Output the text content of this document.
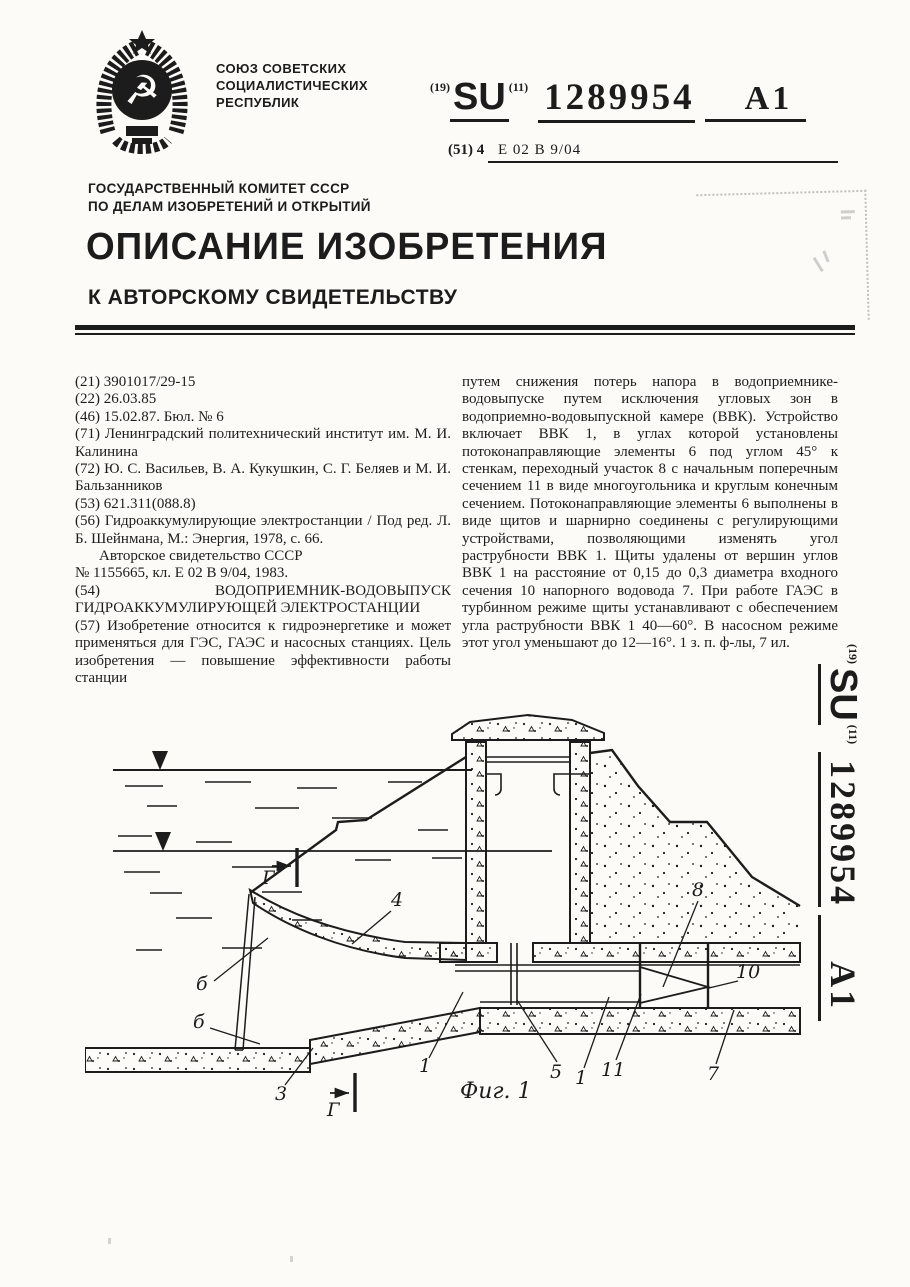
☭	СОЮЗ СОВЕТСКИХ
СОЦИАЛИСТИЧЕСКИХ
РЕСПУБЛИК
$^{(19)}$SU $^{(11)}$ 1289954 A1
(51) 4 Е 02 В 9/04
ГОСУДАРСТВЕННЫЙ КОМИТЕТ СССР
ПО ДЕЛАМ ИЗОБРЕТЕНИЙ И ОТКРЫТИЙ
ОПИСАНИЕ ИЗОБРЕТЕНИЯ
К АВТОРСКОМУ СВИДЕТЕЛЬСТВУ

(21) 3901017/29-15

(22) 26.03.85

(46) 15.02.87. Бюл. № 6

(71) Ленинградский политехнический институт им. М. И. Калинина

(72) Ю. С. Васильев, В. А. Кукушкин, С. Г. Беляев и М. И. Бальзанников

(53) 621.311(088.8)

(56) Гидроаккумулирующие электростанции / Под ред. Л. Б. Шейнмана, М.: Энергия, 1978, с. 66.

Авторское свидетельство СССР

№ 1155665, кл. Е 02 В 9/04, 1983.

(54) ВОДОПРИЕМНИК-ВОДОВЫПУСК ГИДРОАККУМУЛИРУЮЩЕЙ ЭЛЕКТРОСТАНЦИИ

(57) Изобретение относится к гидроэнергетике и может применяться для ГЭС, ГАЭС и насосных станциях. Цель изобретения — повышение эффективности работы станции

путем снижения потерь напора в водоприемнике-водовыпуске путем исключения угловых зон в водоприемно-водовыпускной камере (ВВК). Устройство включает ВВК 1, в углах которой установлены потоконаправляющие элементы 6 под углом 45° к стенкам, переходный участок 8 с начальным поперечным сечением 11 в виде многоугольника и круглым конечным сечением. Потоконаправляющие элементы 6 выполнены в виде щитов и шарнирно соединены с регулирующими устройствами, позволяющими изменять угол раструбности ВВК 1. Щиты удалены от вершин углов ВВК 1 на расстояние от 0,15 до 0,3 диаметра входного сечения 10 напорного водовода 7. При работе ГАЭС в турбинном режиме щиты устанавливают с обеспечением угла раструбности ВВК 1 40—60°. В насосном режиме этот угол уменьшают до 12—16°. 1 з. п. ф-лы, 7 ил.

$^{(19)}$SU$^{(11)}$1289954A1
Г
Г
4
б
б
3
1	5 1 11
8
10
7
Фиг. 1
